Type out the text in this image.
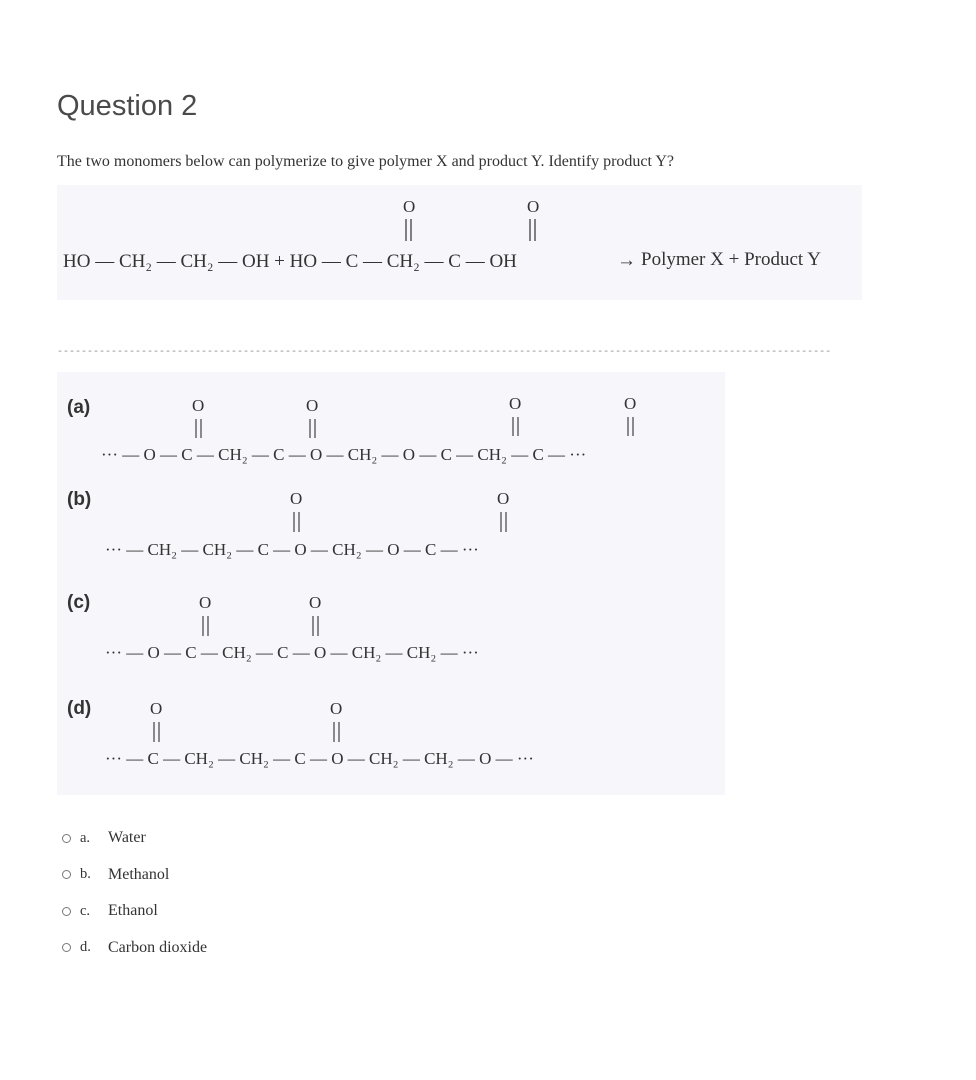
Question 2
The two monomers below can polymerize to give polymer X and product Y. Identify product Y?
HO — CH₂ — CH₂ — OH + HO — C — CH₂ — C — OH
O	O
→ Polymer X + Product Y
---------------------------------------------------------------------------------------------------------------------------------
(a)	O	O	O	O
··· — O — C — CH₂ — C — O — CH₂ — O — C — CH₂ — C — ···
(b)	O	O
··· — CH₂ — CH₂ — C — O — CH₂ — O — C — ···
(c)	O	O
··· — O — C — CH₂ — C — O — CH₂ — CH₂ — ···
(d)	O	O
··· — C — CH₂ — CH₂ — C — O — CH₂ — CH₂ — O — ···
a.	Water
b.	Methanol
c.	Ethanol
d.	Carbon dioxide
